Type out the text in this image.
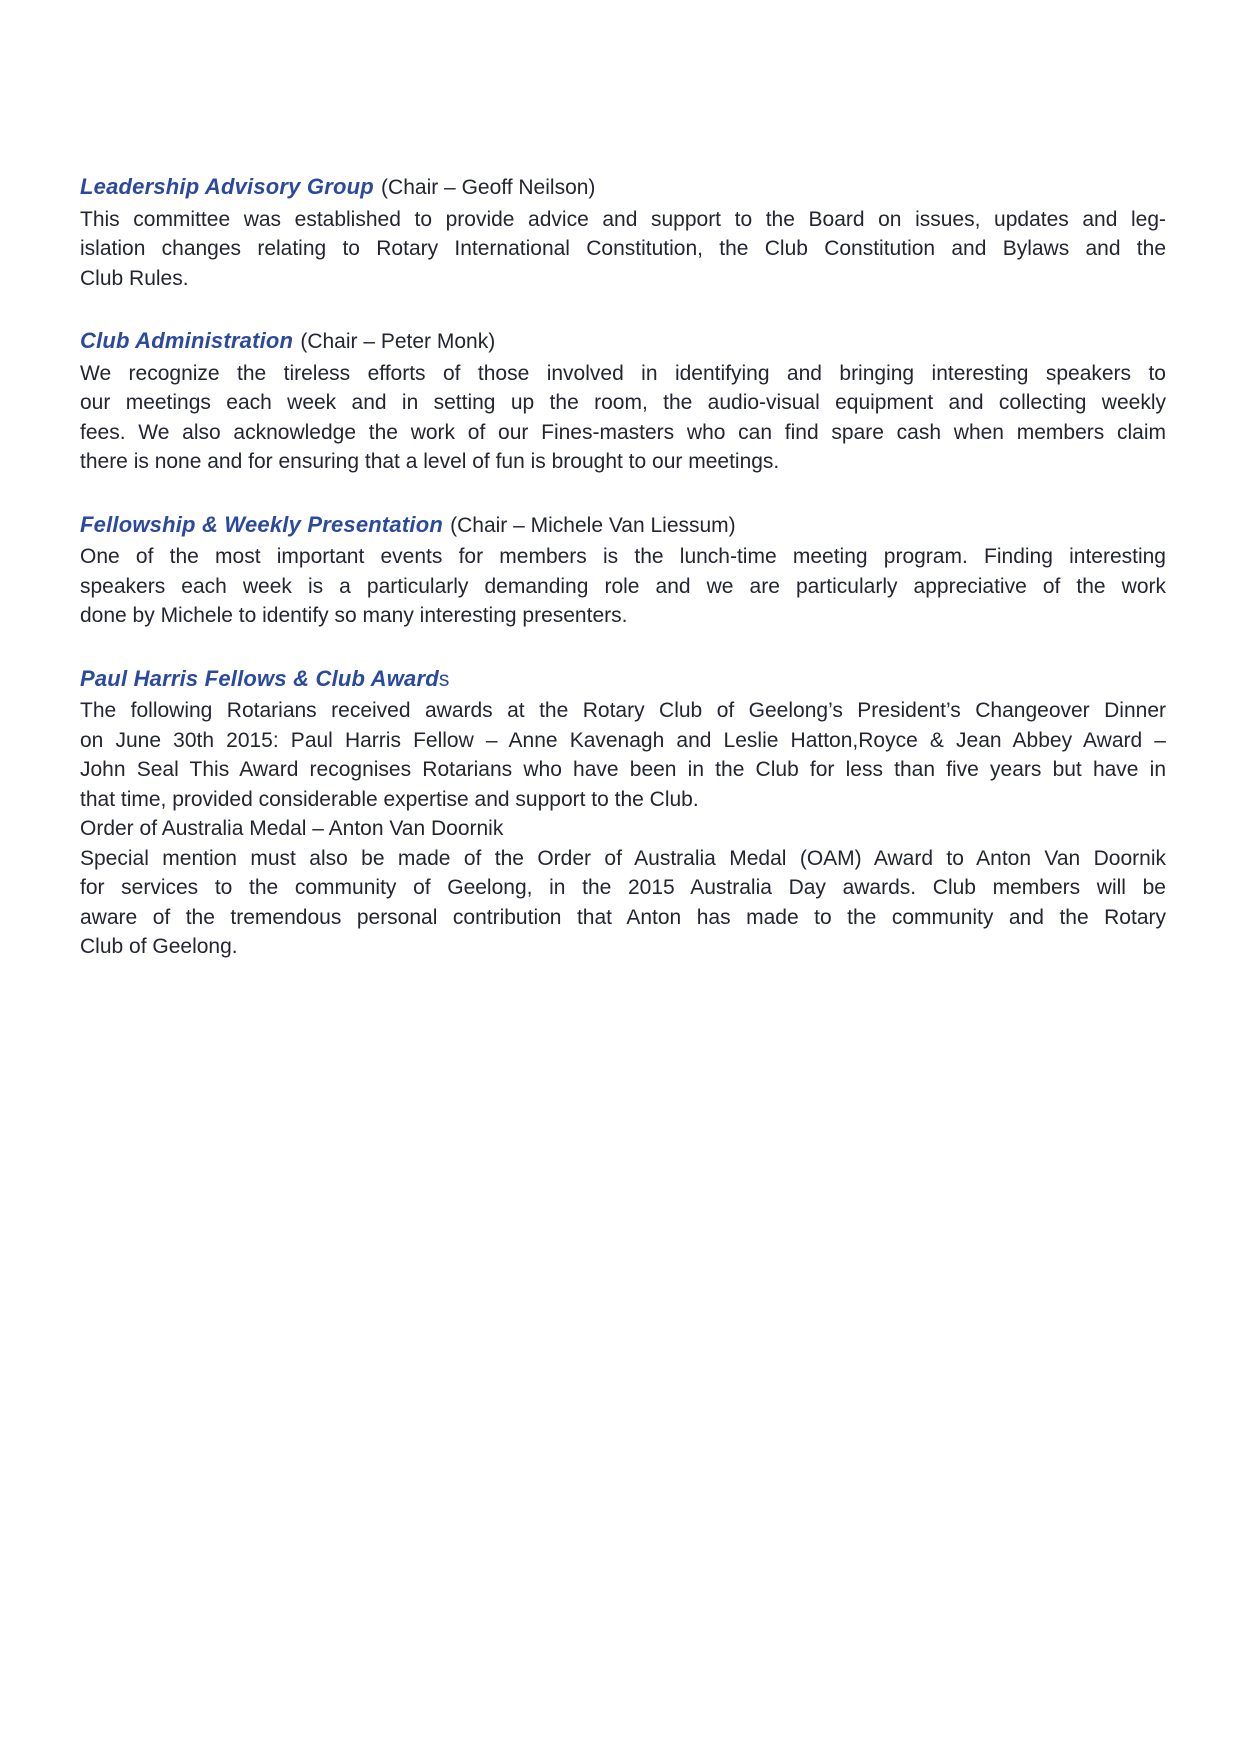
Leadership Advisory Group (Chair – Geoff Neilson)
This committee was established to provide advice and support to the Board on issues, updates and leg-
islation changes relating to Rotary International Constitution, the Club Constitution and Bylaws and the
Club Rules.
Club Administration (Chair – Peter Monk)
We recognize the tireless efforts of those involved in identifying and bringing interesting speakers to
our meetings each week and in setting up the room, the audio-visual equipment and collecting weekly
fees. We also acknowledge the work of our Fines-masters who can find spare cash when members claim
there is none and for ensuring that a level of fun is brought to our meetings.
Fellowship & Weekly Presentation (Chair – Michele Van Liessum)
One of the most important events for members is the lunch-time meeting program. Finding interesting
speakers each week is a particularly demanding role and we are particularly appreciative of the work
done by Michele to identify so many interesting presenters.
Paul Harris Fellows & Club Awards
The following Rotarians received awards at the Rotary Club of Geelong’s President’s Changeover Dinner
on June 30th 2015: Paul Harris Fellow – Anne Kavenagh and Leslie Hatton,Royce & Jean Abbey Award –
John Seal This Award recognises Rotarians who have been in the Club for less than five years but have in
that time, provided considerable expertise and support to the Club.
Order of Australia Medal – Anton Van Doornik
Special mention must also be made of the Order of Australia Medal (OAM) Award to Anton Van Doornik
for services to the community of Geelong, in the 2015 Australia Day awards. Club members will be
aware of the tremendous personal contribution that Anton has made to the community and the Rotary
Club of Geelong.
